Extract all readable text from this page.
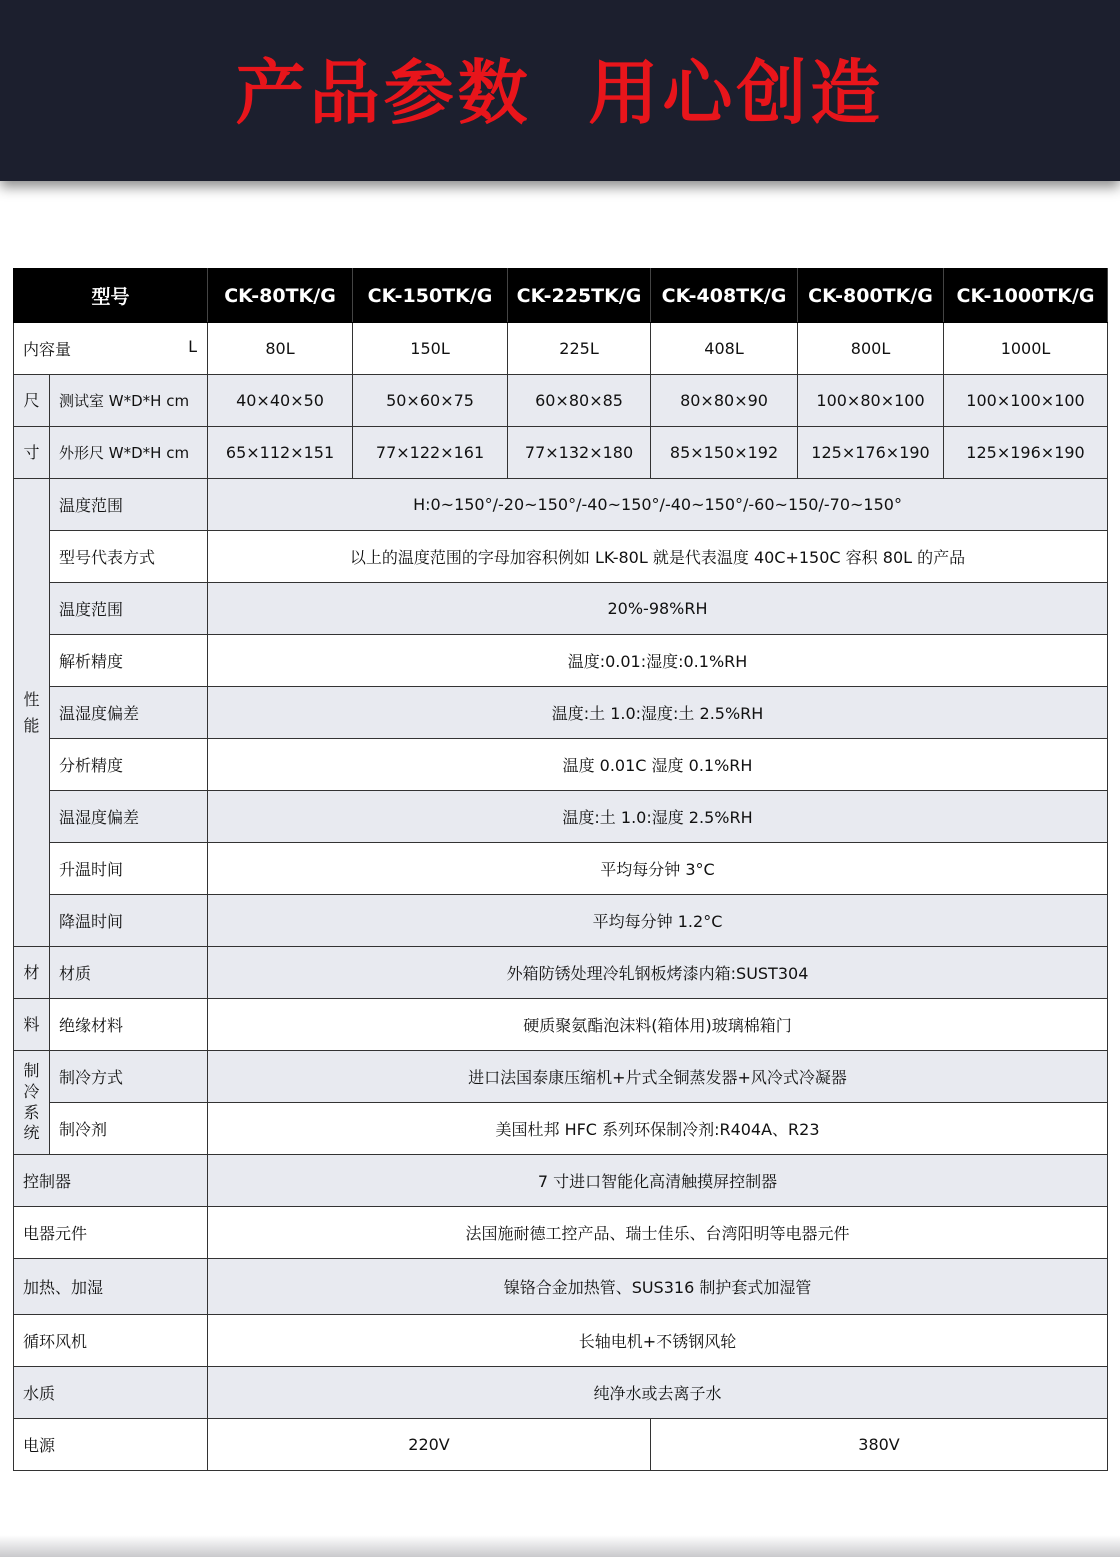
产品参数  用心创造
型号		CK-80TK/G	CK-150TK/G	CK-225TK/G	CK-408TK/G	CK-800TK/G	CK-1000TK/G

内容量 L		80L	150L	225L	408L	800L	1000L

尺	测试室 W*D*H cm	40×40×50	50×60×75	60×80×85	80×80×90	100×80×100	100×100×100

寸	外形尺 W*D*H cm	65×112×151	77×122×161	77×132×180	85×150×192	125×176×190	125×196×190

性
能	温度范围	H:0~150°/-20~150°/-40~150°/-40~150°/-60~150/-70~150°					
	型号代表方式	以上的温度范围的字母加容积例如 LK-80L 就是代表温度 40C+150C 容积 80L 的产品					
	温度范围	20%-98%RH					
	解析精度	温度:0.01:湿度:0.1%RH					
	温湿度偏差	温度:土 1.0:湿度:土 2.5%RH					
	分析精度	温度 0.01C 湿度 0.1%RH					
	温湿度偏差	温度:土 1.0:湿度 2.5%RH					
	升温时间	平均每分钟 3°C					
	降温时间	平均每分钟 1.2°C					

材	材质	外箱防锈处理冷轧钢板烤漆内箱:SUST304					

料	绝缘材料	硬质聚氨酯泡沫料(箱体用)玻璃棉箱门					

制
冷
系
统	制冷方式	进口法国泰康压缩机+片式全铜蒸发器+风冷式冷凝器					
	制冷剂	美国杜邦 HFC 系列环保制冷剂:R404A、R23					
控制器		7 寸进口智能化高清触摸屏控制器					
电器元件		法国施耐德工控产品、瑞士佳乐、台湾阳明等电器元件					
加热、加湿		镍铬合金加热管、SUS316 制护套式加湿管					
循环风机		长轴电机+不锈钢风轮					
水质		纯净水或去离子水					
电源		220V			380V		
